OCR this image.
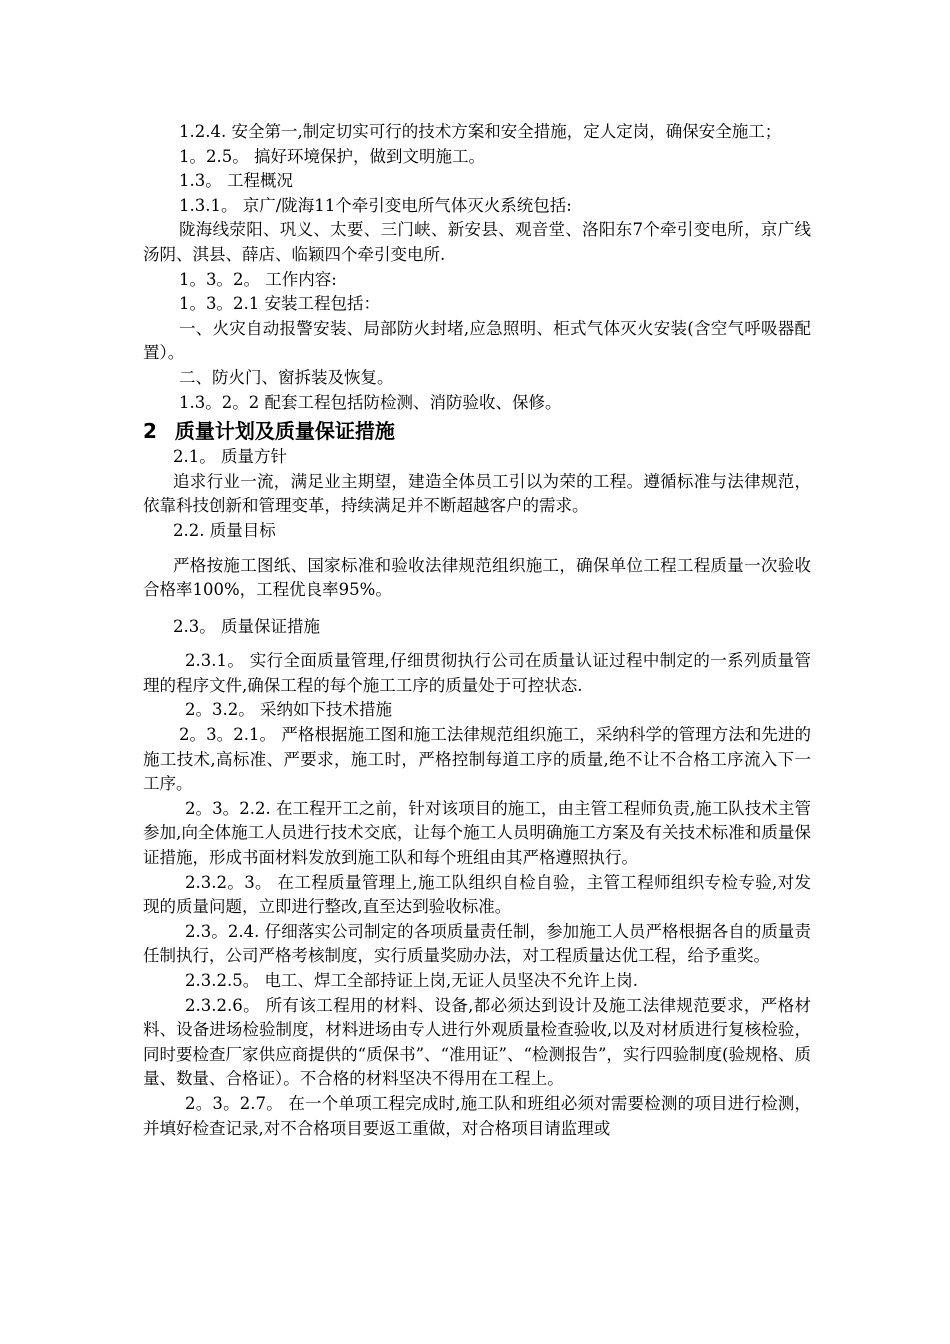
1.2.4. 安全第一,制定切实可行的技术方案和安全措施，定人定岗，确保安全施工；

1。2.5。 搞好环境保护，做到文明施工。

1.3。 工程概况

1.3.1。 京广/陇海11个牵引变电所气体灭火系统包括:

陇海线荥阳、巩义、太要、三门峡、新安县、观音堂、洛阳东7个牵引变电所，京广线汤阴、淇县、薛店、临颖四个牵引变电所.

1。3。2。 工作内容:

1。3。2.1 安装工程包括：

一、火灾自动报警安装、局部防火封堵,应急照明、柜式气体灭火安装(含空气呼吸器配置）。

二、防火门、窗拆装及恢复。

1.3。2。2 配套工程包括防检测、消防验收、保修。

2 质量计划及质量保证措施

2.1。 质量方针

追求行业一流，满足业主期望，建造全体员工引以为荣的工程。遵循标准与法律规范，依靠科技创新和管理变革，持续满足并不断超越客户的需求。

2.2. 质量目标

严格按施工图纸、国家标准和验收法律规范组织施工，确保单位工程工程质量一次验收合格率100%，工程优良率95%。

2.3。 质量保证措施

2.3.1。 实行全面质量管理,仔细贯彻执行公司在质量认证过程中制定的一系列质量管理的程序文件,确保工程的每个施工工序的质量处于可控状态.

2。3.2。 采纳如下技术措施

2。3。2.1。 严格根据施工图和施工法律规范组织施工，采纳科学的管理方法和先进的施工技术,高标准、严要求，施工时，严格控制每道工序的质量,绝不让不合格工序流入下一工序。

2。3。2.2. 在工程开工之前，针对该项目的施工，由主管工程师负责,施工队技术主管参加,向全体施工人员进行技术交底，让每个施工人员明确施工方案及有关技术标准和质量保证措施，形成书面材料发放到施工队和每个班组由其严格遵照执行。

2.3.2。3。 在工程质量管理上,施工队组织自检自验，主管工程师组织专检专验,对发现的质量问题，立即进行整改,直至达到验收标准。

2.3。2.4. 仔细落实公司制定的各项质量责任制，参加施工人员严格根据各自的质量责任制执行，公司严格考核制度，实行质量奖励办法，对工程质量达优工程，给予重奖。

2.3.2.5。 电工、焊工全部持证上岗,无证人员坚决不允许上岗.

2.3.2.6。 所有该工程用的材料、设备,都必须达到设计及施工法律规范要求，严格材料、设备进场检验制度，材料进场由专人进行外观质量检查验收,以及对材质进行复核检验，同时要检查厂家供应商提供的“质保书”、“准用证”、“检测报告”，实行四验制度(验规格、质量、数量、合格证）。不合格的材料坚决不得用在工程上。

2。3。2.7。 在一个单项工程完成时,施工队和班组必须对需要检测的项目进行检测，并填好检查记录,对不合格项目要返工重做，对合格项目请监理或
